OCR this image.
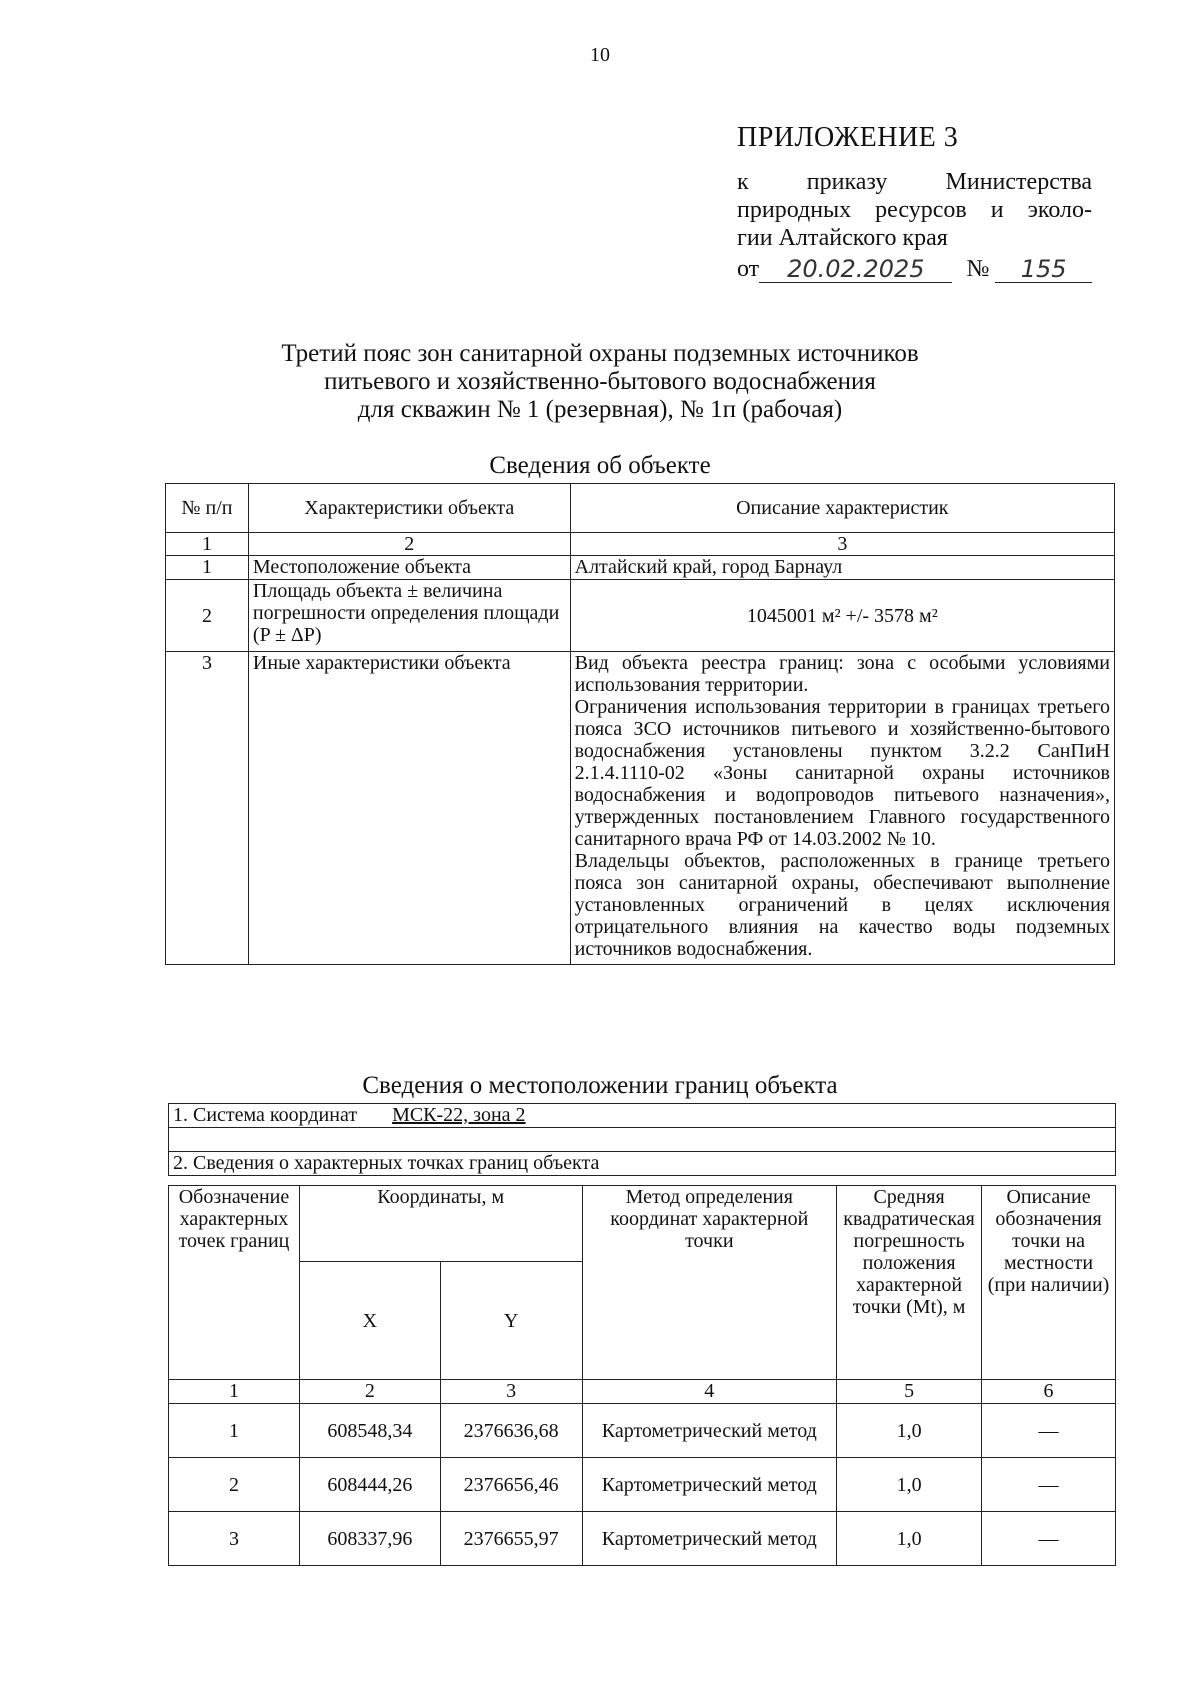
10
ПРИЛОЖЕНИЕ 3
к приказу Министерства
природных ресурсов и эколо-
гии Алтайского края
от	20.02.2025	№	155
Третий пояс зон санитарной охраны подземных источников
питьевого и хозяйственно-бытового водоснабжения
для скважин № 1 (резервная), № 1п (рабочая)
Сведения об объекте
№ п/п	Характеристики объекта	Описание характеристик
1	2	3
1	Местоположение объекта	Алтайский край, город Барнаул
2	Площадь объекта ± величина погрешности определения площади (P ± ΔP)	1045001 м² +/- 3578 м²
3	Иные характеристики объекта	Вид объекта реестра границ: зона с особыми условиями использования территории.
Ограничения использования территории в границах третьего пояса ЗСО источников питьевого и хозяйственно-бытового водоснабжения установлены пунктом 3.2.2 СанПиН 2.1.4.1110-02 «Зоны санитарной охраны источников водоснабжения и водопроводов питьевого назначения», утвержденных постановлением Главного государственного санитарного врача РФ от 14.03.2002 № 10.
Владельцы объектов, расположенных в границе третьего пояса зон санитарной охраны, обеспечивают выполнение установленных ограничений в целях исключения отрицательного влияния на качество воды подземных источников водоснабжения.
Сведения о местоположении границ объекта
1. Система координат МСК-22, зона 2

2. Сведения о характерных точках границ объекта
Обозначение характерных точек границ	Координаты, м		Метод определения координат характерной точки	Средняя квадратическая погрешность положения характерной точки (Mt), м	Описание обозначения точки на местности (при наличии)
	X	Y			
1	2	3	4	5	6
1	608548,34	2376636,68	Картометрический метод	1,0	—
2	608444,26	2376656,46	Картометрический метод	1,0	—
3	608337,96	2376655,97	Картометрический метод	1,0	—
